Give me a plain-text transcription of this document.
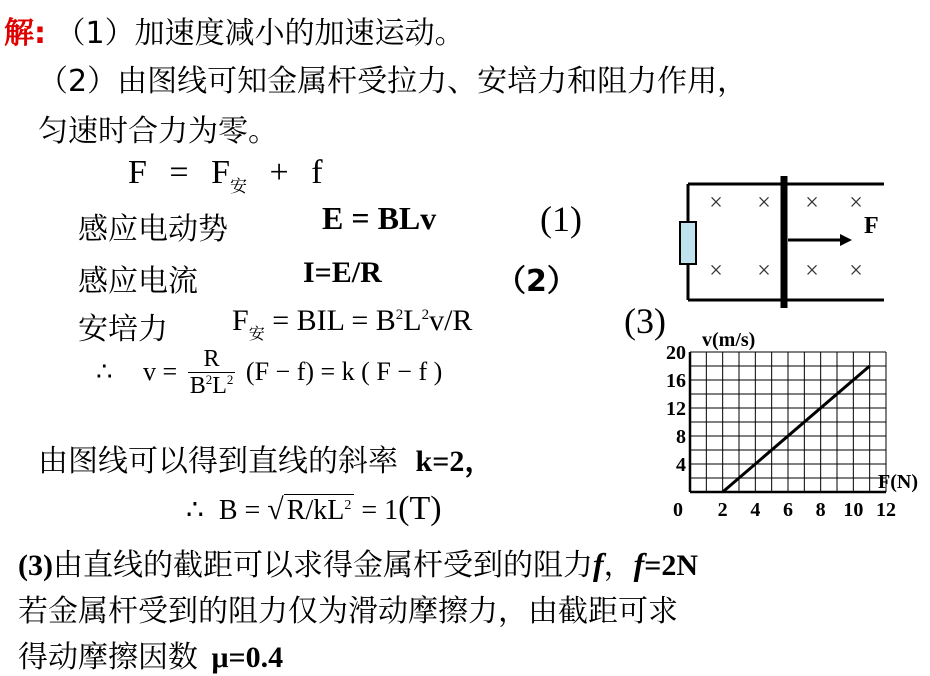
解: （1）加速度减小的加速运动。
（2）由图线可知金属杆受拉力、安培力和阻力作用，
匀速时合力为零。
$F = F_安 + f$
感应电动势	E = BLv	(1)
感应电流	I=E/R	（2）
安培力 $F_安$ = BIL = $B^2L^2v/R$	(3)
∴ $v = \frac{R}{B^2L^2} (F - f) = k$ ( F − f )
由图线可以得到直线的斜率 k=2，
∴ B = √ $R/kL^2 = 1(T)$
(3)由直线的截距可以求得金属杆受到的阻力f，f=2N
若金属杆受到的阻力仅为滑动摩擦力，由截距可求
得动摩擦因数 μ=0.4
F
× × × ×
× × × ×
0 2 4 6 8 10 12
4
8
12
16
20
v(m/s)
F(N)
